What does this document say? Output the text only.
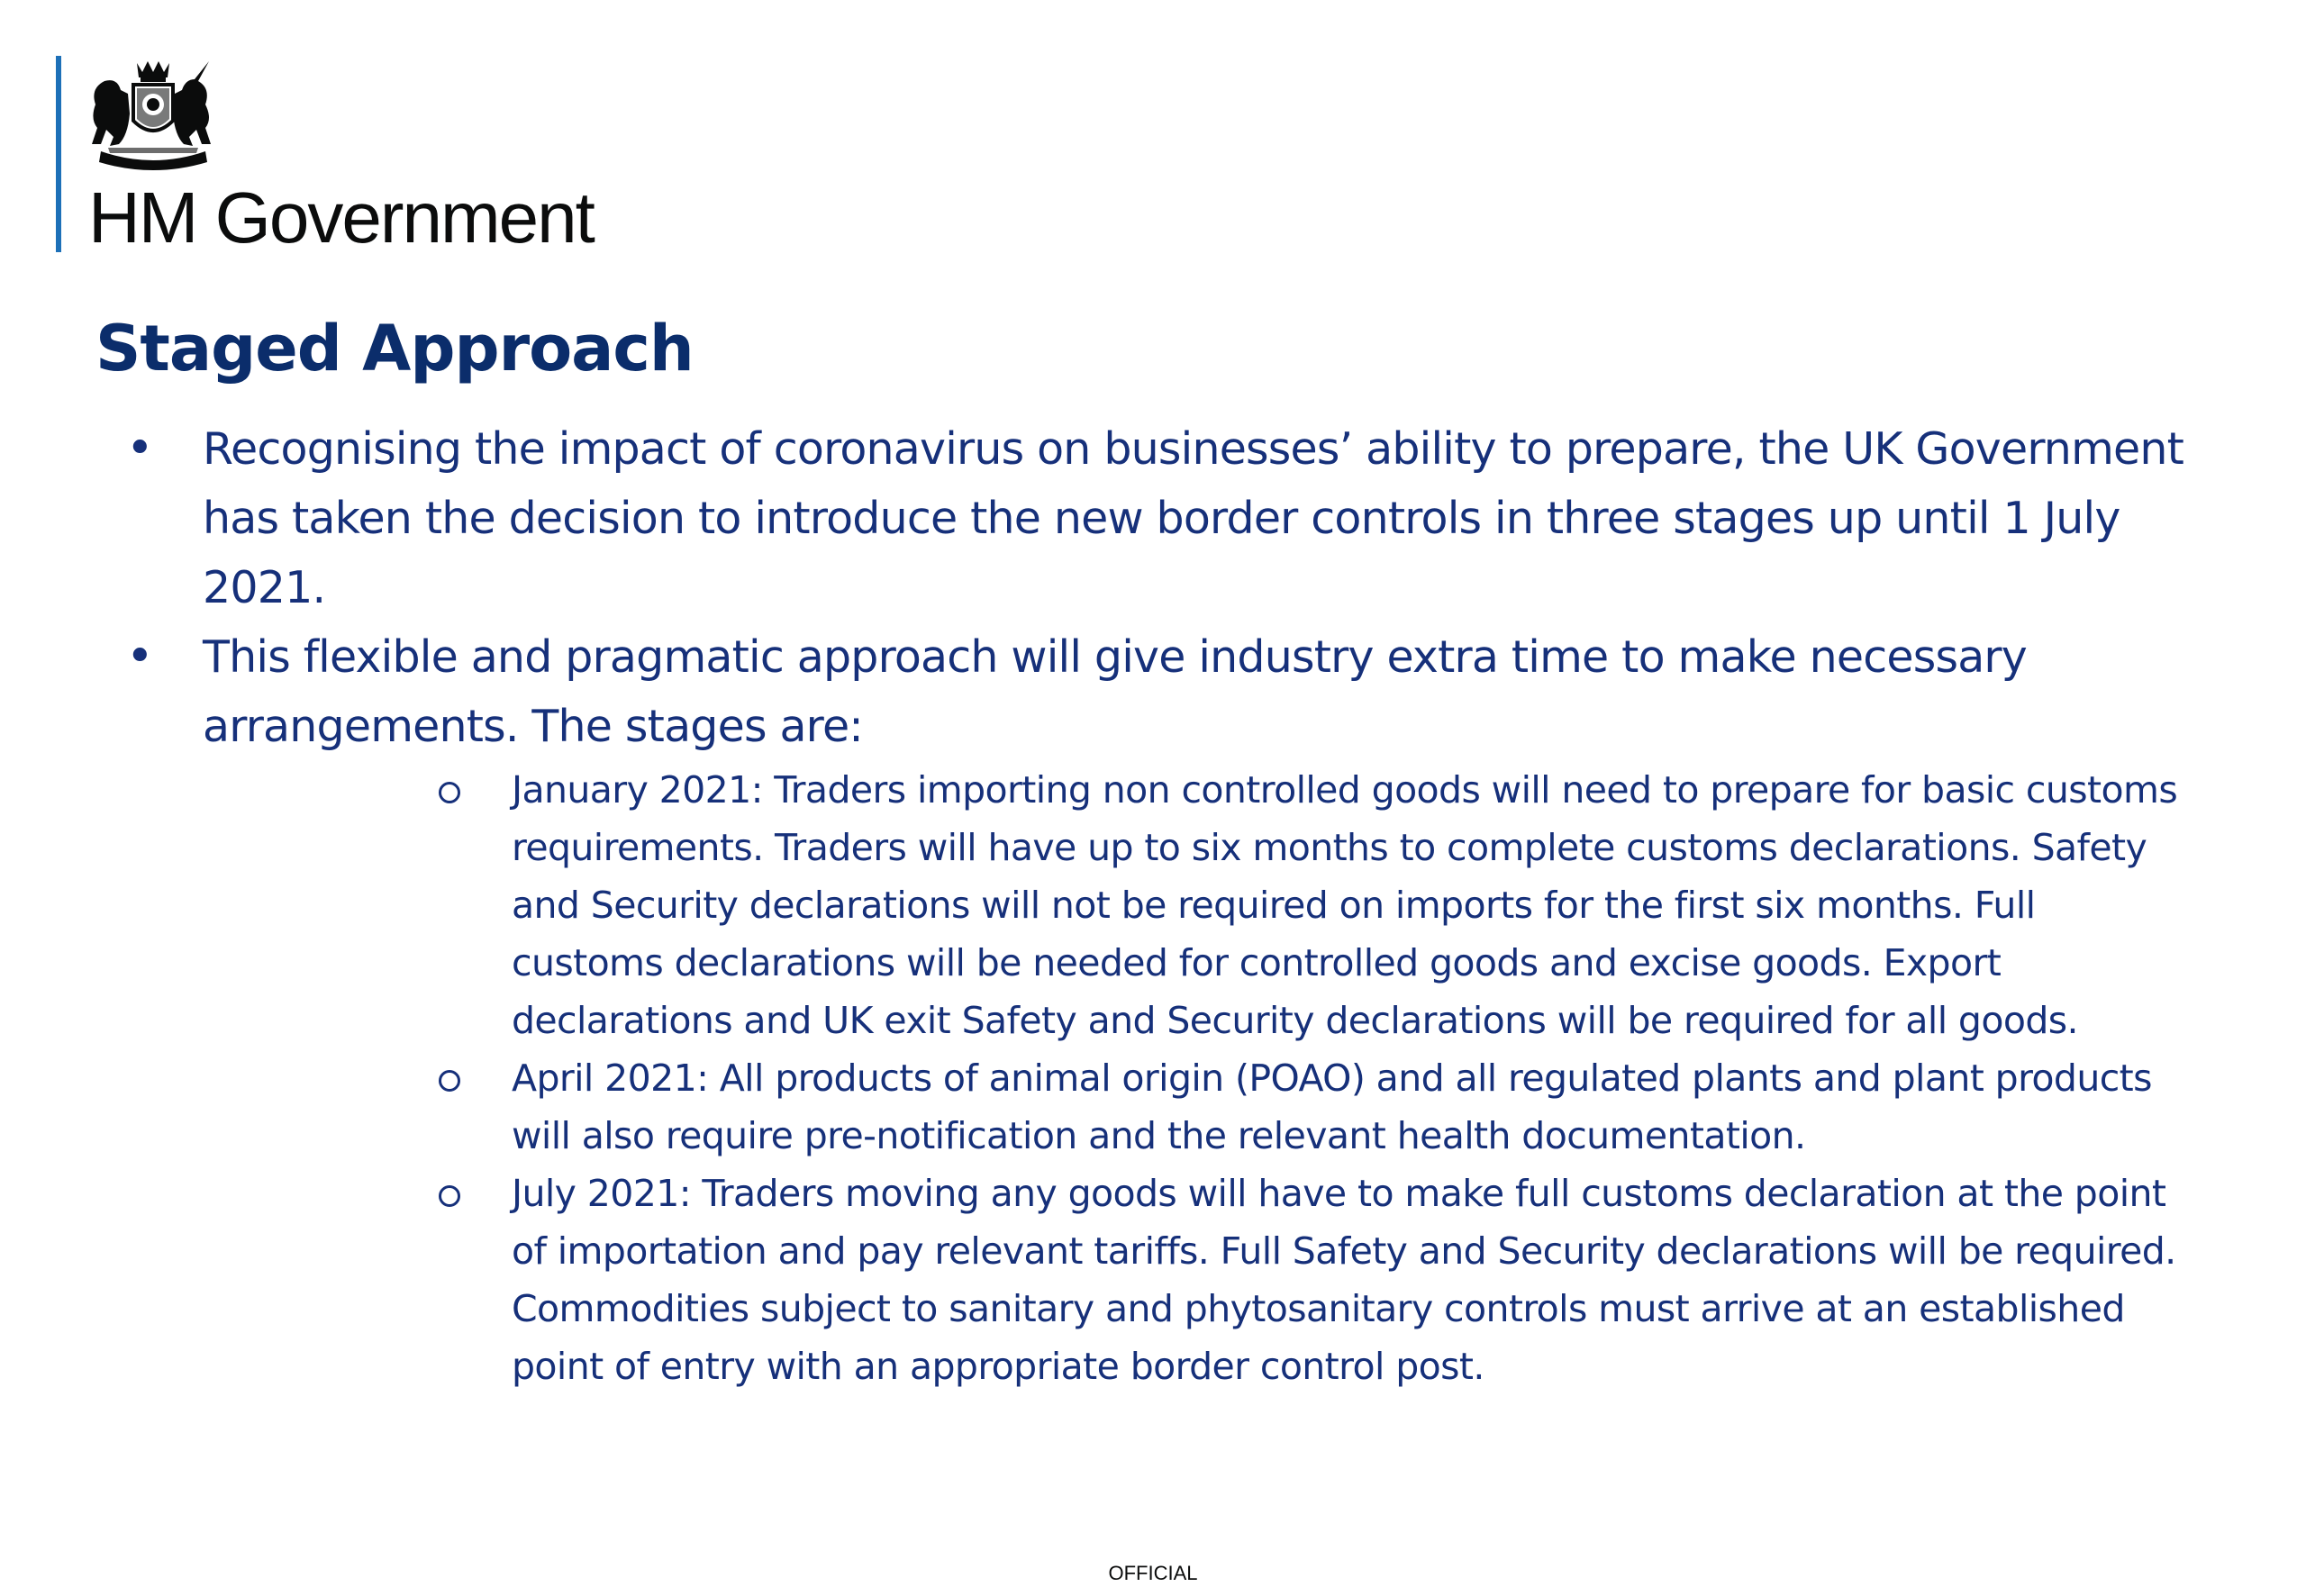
HM Government
Staged Approach
• Recognising the impact of coronavirus on businesses’ ability to prepare, the UK Government has taken the decision to introduce the new border controls in three stages up until 1 July 2021.
• This flexible and pragmatic approach will give industry extra time to make necessary arrangements. The stages are:
January 2021: Traders importing non controlled goods will need to prepare for basic customs requirements. Traders will have up to six months to complete customs declarations. Safety and Security declarations will not be required on imports for the first six months. Full customs declarations will be needed for controlled goods and excise goods. Export declarations and UK exit Safety and Security declarations will be required for all goods.
April 2021: All products of animal origin (POAO) and all regulated plants and plant products will also require pre-notification and the relevant health documentation.
July 2021: Traders moving any goods will have to make full customs declaration at the point of importation and pay relevant tariffs. Full Safety and Security declarations will be required. Commodities subject to sanitary and phytosanitary controls must arrive at an established point of entry with an appropriate border control post.
OFFICIAL
